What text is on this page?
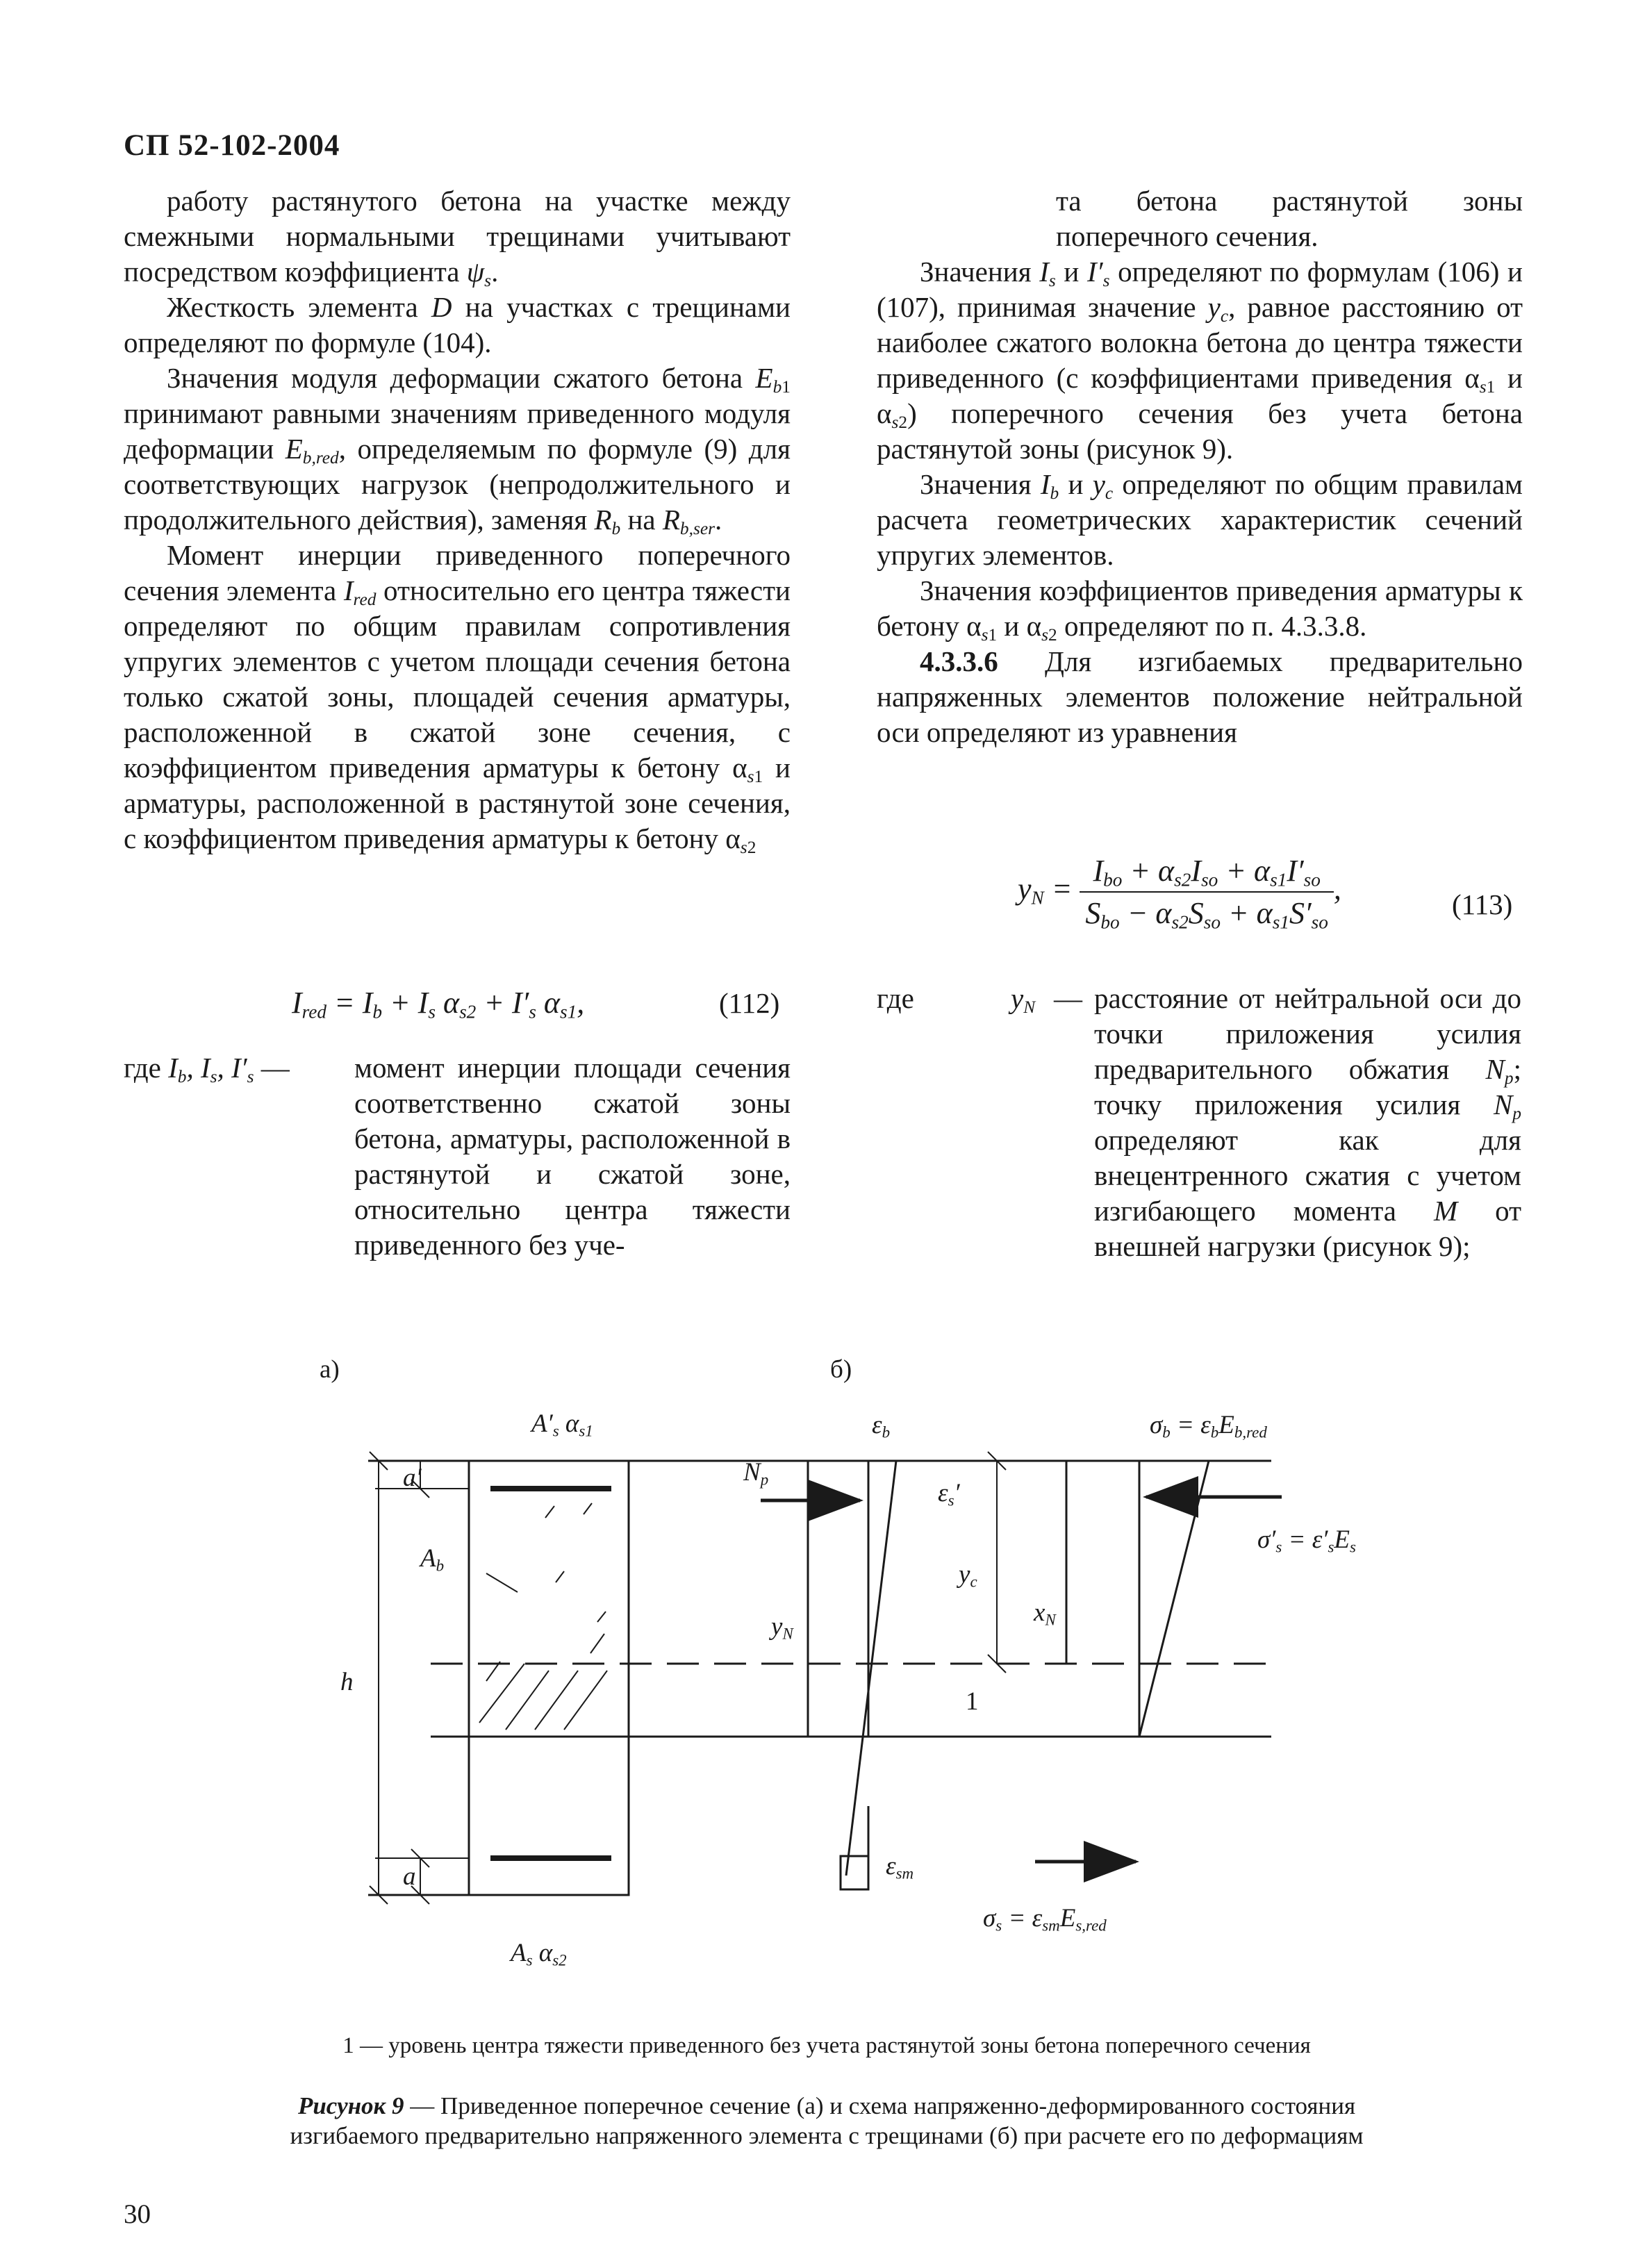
СП 52-102-2004

работу растянутого бетона на участке между смежными нормальными трещинами учитывают посредством коэффициента $\psi_s$.

Жесткость элемента D на участках с трещинами определяют по формуле (104).

Значения модуля деформации сжатого бетона $E_{b1}$ принимают равными значениям приведенного модуля деформации $E_{b,red}$, определяемым по формуле (9) для соответствующих нагрузок (непродолжительного и продолжительного действия), заменяя $R_b$ на $R_{b,ser}$.

Момент инерции приведенного поперечного сечения элемента $I_{red}$ относительно его центра тяжести определяют по общим правилам сопротивления упругих элементов с учетом площади сечения бетона только сжатой зоны, площадей сечения арматуры, расположенной в сжатой зоне сечения, с коэффициентом приведения арматуры к бетону $\alpha_{s1}$ и арматуры, расположенной в растянутой зоне сечения, с коэффициентом приведения арматуры к бетону $\alpha_{s2}$

$I_{red} = I_b + I_s$ $\alpha_{s2} + I'_s$ $\alpha_{s1}$,	(112)
где $I_b$, $I_s$, $I'_s$ — момент инерции площади сечения соответственно сжатой зоны бетона, арматуры, расположенной в растянутой и сжатой зоне, относительно центра тяжести приведенного без уче-

та бетона растянутой зоны поперечного сечения.

Значения $I_s$ и $I'_s$ определяют по формулам (106) и (107), принимая значение $y_c$, равное расстоянию от наиболее сжатого волокна бетона до центра тяжести приведенного (с коэффициентами приведения $\alpha_{s1}$ и $\alpha_{s2}$) поперечного сечения без учета бетона растянутой зоны (рисунок 9).

Значения $I_b$ и $y_c$ определяют по общим правилам расчета геометрических характеристик сечений упругих элементов.

Значения коэффициентов приведения арматуры к бетону $\alpha_{s1}$ и $\alpha_{s2}$ определяют по п. 4.3.3.8.

4.3.3.6 Для изгибаемых предварительно напряженных элементов положение нейтральной оси определяют из уравнения

$y_N = \frac{I_{bo} + \alpha_{s2}I_{so} + \alpha_{s1}I'_{so}}{S_{bo} - \alpha_{s2}S_{so} + \alpha_{s1}S'_{so}}$ ,	(113)
где	$y_N$ — расстояние от нейтральной оси до точки приложения усилия предварительного обжатия $N_p$; точку приложения усилия $N_p$ определяют как для внецентренного сжатия с учетом изгибающего момента M от внешней нагрузки (рисунок 9);
а)	б)
$A'_s$ $\alpha_{s1}$
$A_s$ $\alpha_{s2}$
$A_b$
h
a′
a
$N_p$
$y_N$
$y_c$
$x_N$
$\varepsilon_b$
$\varepsilon_s'$
$\varepsilon_{sm}$
1
$\sigma_b = \varepsilon_bE_{b,red}$
$\sigma'_s = \varepsilon'_sE_s$
$\sigma_s = \varepsilon_{sm}E_{s,red}$
1 — уровень центра тяжести приведенного без учета растянутой зоны бетона поперечного сечения
Рисунок 9 — Приведенное поперечное сечение (а) и схема напряженно-деформированного состояния изгибаемого предварительно напряженного элемента с трещинами (б) при расчете его по деформациям
30
